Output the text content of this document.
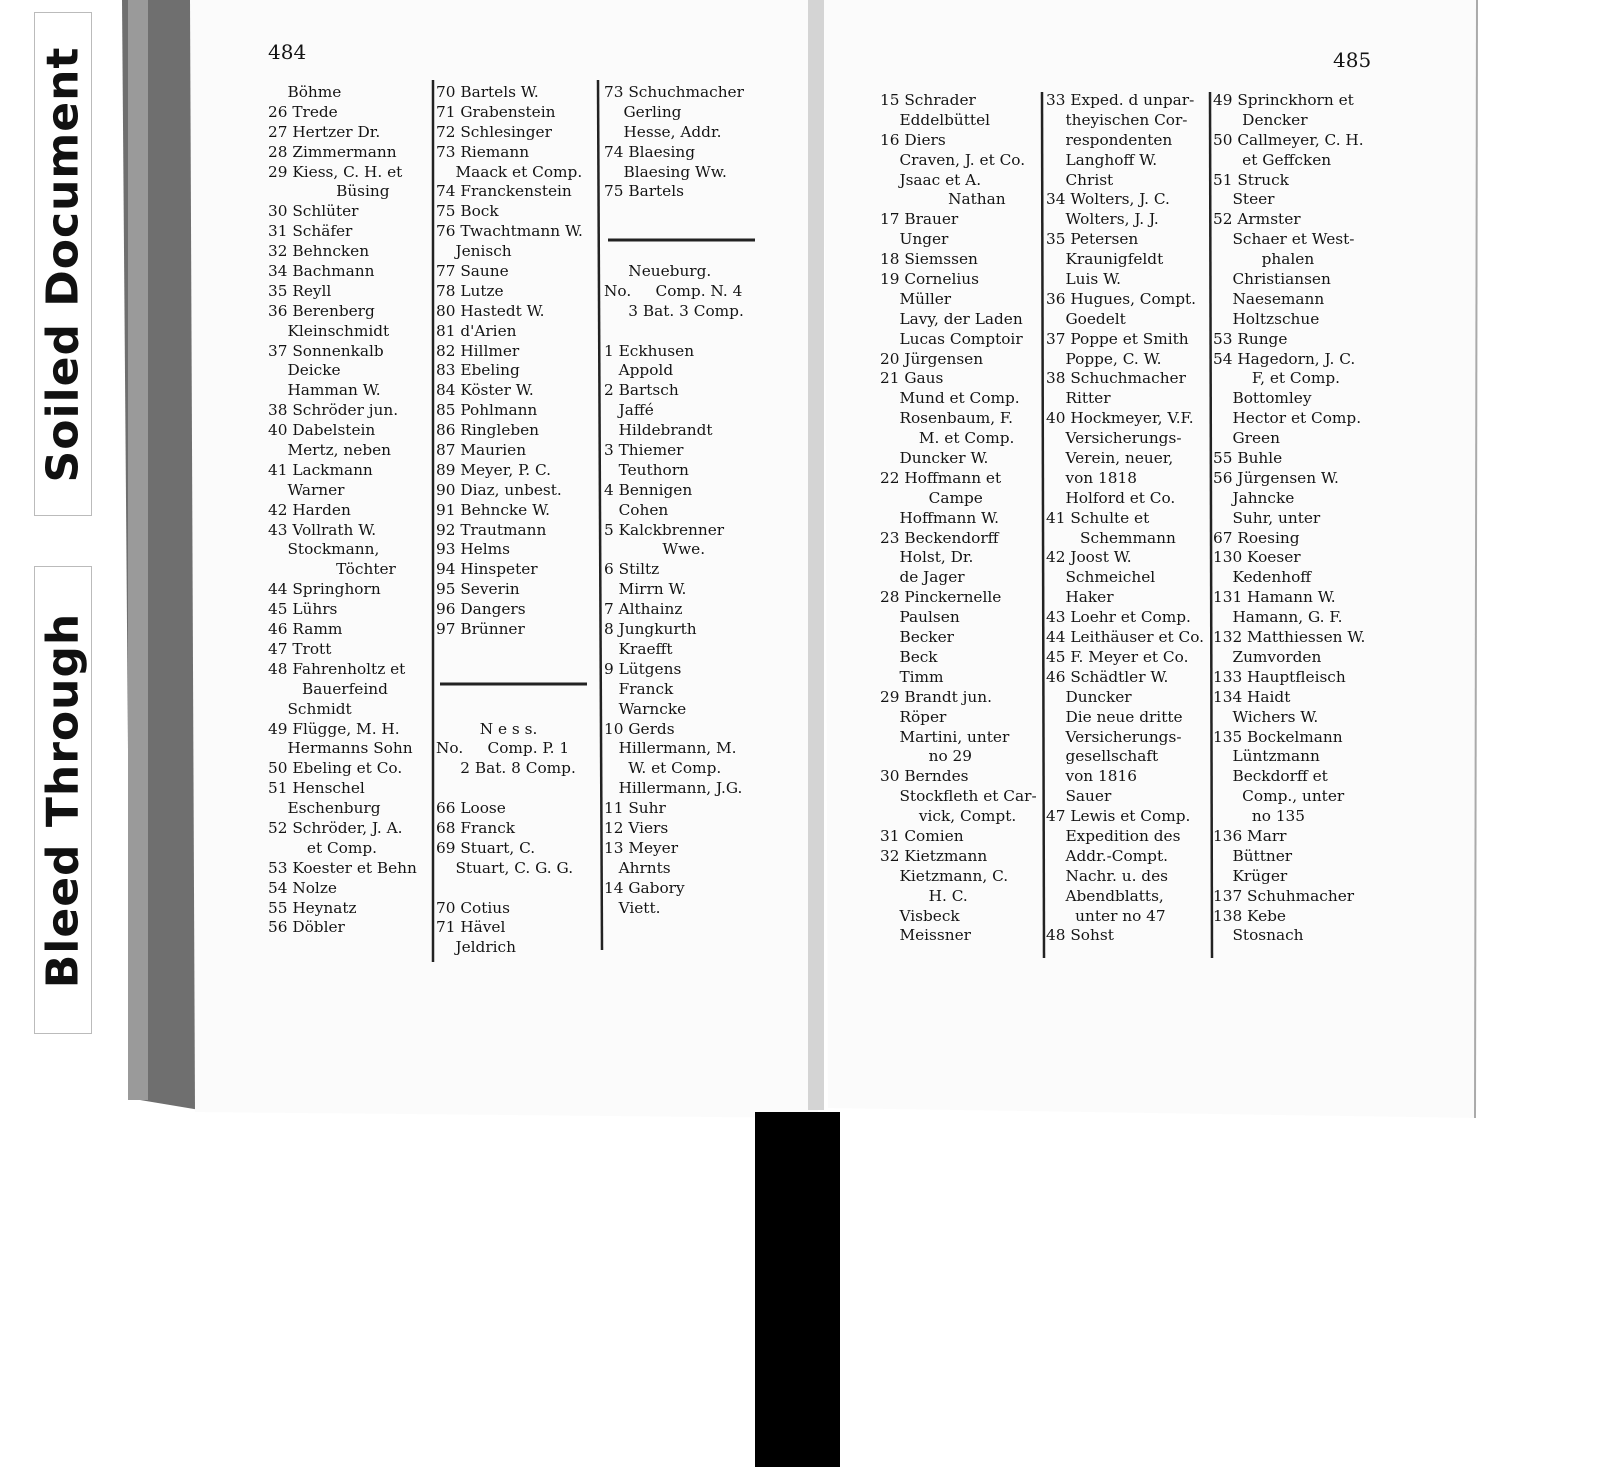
Soiled Document
Bleed Through
484	485
Böhme
26 Trede
27 Hertzer Dr.
28 Zimmermann
29 Kiess, C. H. et
Büsing
30 Schlüter
31 Schäfer
32 Behncken
34 Bachmann
35 Reyll
36 Berenberg
Kleinschmidt
37 Sonnenkalb
Deicke
Hamman W.
38 Schröder jun.
40 Dabelstein
Mertz, neben
41 Lackmann
Warner
42 Harden
43 Vollrath W.
Stockmann,
Töchter
44 Springhorn
45 Lührs
46 Ramm
47 Trott
48 Fahrenholtz et
Bauerfeind
Schmidt
49 Flügge, M. H.
Hermanns Sohn
50 Ebeling et Co.
51 Henschel
Eschenburg
52 Schröder, J. A.
et Comp.
53 Koester et Behn
54 Nolze
55 Heynatz
56 Döbler
70 Bartels W.
71 Grabenstein
72 Schlesinger
73 Riemann
Maack et Comp.
74 Franckenstein
75 Bock
76 Twachtmann W.
Jenisch
77 Saune
78 Lutze
80 Hastedt W.
81 d'Arien
82 Hillmer
83 Ebeling
84 Köster W.
85 Pohlmann
86 Ringleben
87 Maurien
89 Meyer, P. C.
90 Diaz, unbest.
91 Behncke W.
92 Trautmann
93 Helms
94 Hinspeter
95 Severin
96 Dangers
97 Brünner
N e s s.
No.     Comp. P. 1
2 Bat. 8 Comp.
66 Loose
68 Franck
69 Stuart, C.
Stuart, C. G. G.
70 Cotius
71 Hävel
Jeldrich
73 Schuchmacher
Gerling
Hesse, Addr.
74 Blaesing
Blaesing Ww.
75 Bartels
Neueburg.
No.     Comp. N. 4
3 Bat. 3 Comp.
1 Eckhusen
Appold
2 Bartsch
Jaffé
Hildebrandt
3 Thiemer
Teuthorn
4 Bennigen
Cohen
5 Kalckbrenner
Wwe.
6 Stiltz
Mirrn W.
7 Althainz
8 Jungkurth
Kraefft
9 Lütgens
Franck
Warncke
10 Gerds
Hillermann, M.
W. et Comp.
Hillermann, J.G.
11 Suhr
12 Viers
13 Meyer
Ahrnts
14 Gabory
Viett.
15 Schrader
Eddelbüttel
16 Diers
Craven, J. et Co.
Jsaac et A.
Nathan
17 Brauer
Unger
18 Siemssen
19 Cornelius
Müller
Lavy, der Laden
Lucas Comptoir
20 Jürgensen
21 Gaus
Mund et Comp.
Rosenbaum, F.
M. et Comp.
Duncker W.
22 Hoffmann et
Campe
Hoffmann W.
23 Beckendorff
Holst, Dr.
de Jager
28 Pinckernelle
Paulsen
Becker
Beck
Timm
29 Brandt jun.
Röper
Martini, unter
no 29
30 Berndes
Stockfleth et Car-
vick, Compt.
31 Comien
32 Kietzmann
Kietzmann, C.
H. C.
Visbeck
Meissner
33 Exped. d unpar-
theyischen Cor-
respondenten
Langhoff W.
Christ
34 Wolters, J. C.
Wolters, J. J.
35 Petersen
Kraunigfeldt
Luis W.
36 Hugues, Compt.
Goedelt
37 Poppe et Smith
Poppe, C. W.
38 Schuchmacher
Ritter
40 Hockmeyer, V.F.
Versicherungs-
Verein, neuer,
von 1818
Holford et Co.
41 Schulte et
Schemmann
42 Joost W.
Schmeichel
Haker
43 Loehr et Comp.
44 Leithäuser et Co.
45 F. Meyer et Co.
46 Schädtler W.
Duncker
Die neue dritte
Versicherungs-
gesellschaft
von 1816
Sauer
47 Lewis et Comp.
Expedition des
Addr.-Compt.
Nachr. u. des
Abendblatts,
unter no 47
48 Sohst
49 Sprinckhorn et
Dencker
50 Callmeyer, C. H.
et Geffcken
51 Struck
Steer
52 Armster
Schaer et West-
phalen
Christiansen
Naesemann
Holtzschue
53 Runge
54 Hagedorn, J. C.
F, et Comp.
Bottomley
Hector et Comp.
Green
55 Buhle
56 Jürgensen W.
Jahncke
Suhr, unter
67 Roesing
130 Koeser
Kedenhoff
131 Hamann W.
Hamann, G. F.
132 Matthiessen W.
Zumvorden
133 Hauptfleisch
134 Haidt
Wichers W.
135 Bockelmann
Lüntzmann
Beckdorff et
Comp., unter
no 135
136 Marr
Büttner
Krüger
137 Schuhmacher
138 Kebe
Stosnach
